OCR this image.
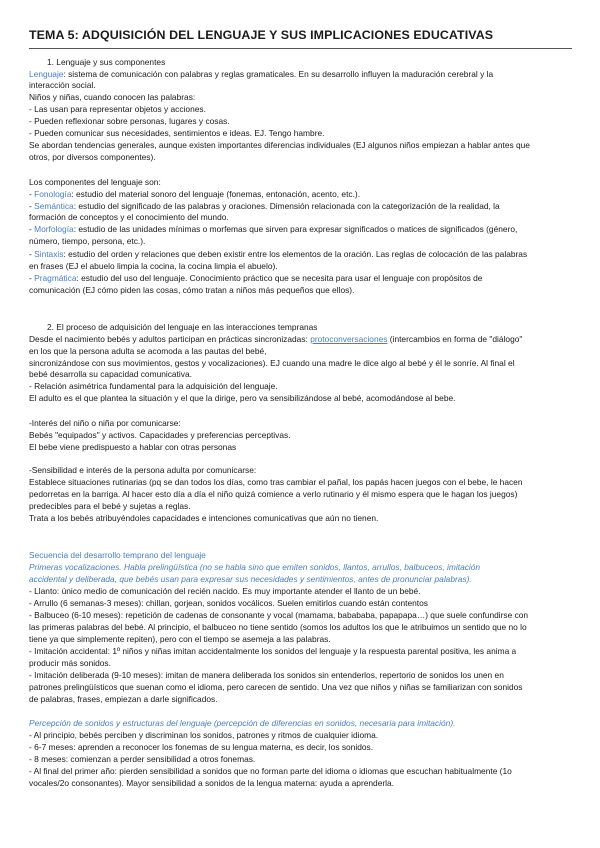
TEMA 5: ADQUISICIÓN DEL LENGUAJE Y SUS IMPLICACIONES EDUCATIVAS
1. Lenguaje y sus componentes
Lenguaje: sistema de comunicación con palabras y reglas gramaticales. En su desarrollo influyen la maduración cerebral y la
interacción social.
Niños y niñas, cuando conocen las palabras:
- Las usan para representar objetos y acciones.
- Pueden reflexionar sobre personas, lugares y cosas.
- Pueden comunicar sus necesidades, sentimientos e ideas. EJ. Tengo hambre.
Se abordan tendencias generales, aunque existen importantes diferencias individuales (EJ algunos niños empiezan a hablar antes que
otros, por diversos componentes).
Los componentes del lenguaje son:
- Fonología: estudio del material sonoro del lenguaje (fonemas, entonación, acento, etc.).
- Semántica: estudio del significado de las palabras y oraciones. Dimensión relacionada con la categorización de la realidad, la
formación de conceptos y el conocimiento del mundo.
- Morfología: estudio de las unidades mínimas o morfemas que sirven para expresar significados o matices de significados (género,
número, tiempo, persona, etc.).
- Sintaxis: estudio del orden y relaciones que deben existir entre los elementos de la oración. Las reglas de colocación de las palabras
en frases (EJ el abuelo limpia la cocina, la cocina limpia el abuelo).
- Pragmática: estudio del uso del lenguaje. Conocimiento práctico que se necesita para usar el lenguaje con propósitos de
comunicación (EJ cómo piden las cosas, cómo tratan a niños más pequeños que ellos).
2. El proceso de adquisición del lenguaje en las interacciones tempranas
Desde el nacimiento bebés y adultos participan en prácticas sincronizadas: protoconversaciones (intercambios en forma de "diálogo"
en los que la persona adulta se acomoda a las pautas del bebé,
sincronizándose con sus movimientos, gestos y vocalizaciones). EJ cuando una madre le dice algo al bebé y él le sonríe. Al final el
bebé desarrolla su capacidad comunicativa.
- Relación asimétrica fundamental para la adquisición del lenguaje.
El adulto es el que plantea la situación y el que la dirige, pero va sensibilizándose al bebé, acomodándose al bebe.
-Interés del niño o niña por comunicarse:
Bebés "equipados" y activos. Capacidades y preferencias perceptivas.
El bebe viene predispuesto a hablar con otras personas
-Sensibilidad e interés de la persona adulta por comunicarse:
Establece situaciones rutinarias (pq se dan todos los días, como tras cambiar el pañal, los papás hacen juegos con el bebe, le hacen
pedorretas en la barriga. Al hacer esto día a día el niño quizá comience a verlo rutinario y él mismo espera que le hagan los juegos)
predecibles para el bebé y sujetas a reglas.
Trata a los bebés atribuyéndoles capacidades e intenciones comunicativas que aún no tienen.
Secuencia del desarrollo temprano del lenguaje
Primeras vocalizaciones. Habla prelingüística (no se habla sino que emiten sonidos, llantos, arrullos, balbuceos, imitación
accidental y deliberada, que bebés usan para expresar sus necesidades y sentimientos, antes de pronunciar palabras).
- Llanto: único medio de comunicación del recién nacido. Es muy importante atender el llanto de un bebé.
- Arrullo (6 semanas-3 meses): chillan, gorjean, sonidos vocálicos. Suelen emitirlos cuando están contentos
- Balbuceo (6-10 meses): repetición de cadenas de consonante y vocal (mamama, babababa, papapapa…) que suele confundirse con
las primeras palabras del bebé. Al principio, el balbuceo no tiene sentido (somos los adultos los que le atribuimos un sentido que no lo
tiene ya que simplemente repiten), pero con el tiempo se asemeja a las palabras.
- Imitación accidental: 1º niños y niñas imitan accidentalmente los sonidos del lenguaje y la respuesta parental positiva, les anima a
producir más sonidos.
- Imitación deliberada (9-10 meses): imitan de manera deliberada los sonidos sin entenderlos, repertorio de sonidos los unen en
patrones prelingüísticos que suenan como el idioma, pero carecen de sentido. Una vez que niños y niñas se familiarizan con sonidos
de palabras, frases, empiezan a darle significados.
Percepción de sonidos y estructuras del lenguaje (percepción de diferencias en sonidos, necesaria para imitación).
- Al principio, bebés perciben y discriminan los sonidos, patrones y ritmos de cualquier idioma.
- 6-7 meses: aprenden a reconocer los fonemas de su lengua materna, es decir, los sonidos.
- 8 meses: comienzan a perder sensibilidad a otros fonemas.
- Al final del primer año: pierden sensibilidad a sonidos que no forman parte del idioma o idiomas que escuchan habitualmente (1o
vocales/2o consonantes). Mayor sensibilidad a sonidos de la lengua materna: ayuda a aprenderla.
